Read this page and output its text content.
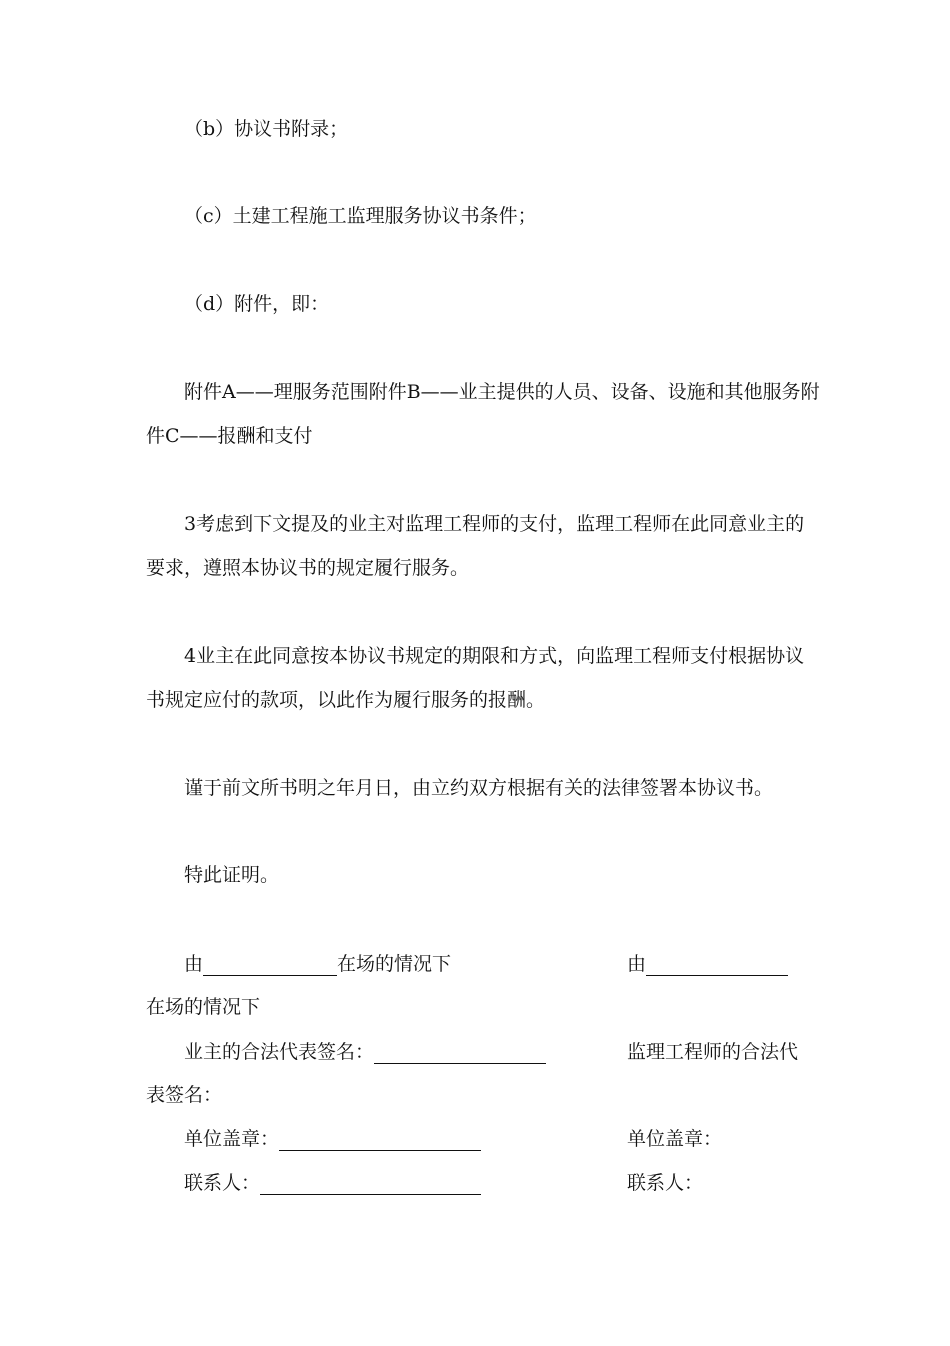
（b）协议书附录；
（c）土建工程施工监理服务协议书条件；
（d）附件，即：
附件A——理服务范围附件B——业主提供的人员、设备、设施和其他服务附
件C——报酬和支付
3考虑到下文提及的业主对监理工程师的支付，监理工程师在此同意业主的
要求，遵照本协议书的规定履行服务。
4业主在此同意按本协议书规定的期限和方式，向监理工程师支付根据协议
书规定应付的款项，以此作为履行服务的报酬。
谨于前文所书明之年月日，由立约双方根据有关的法律签署本协议书。
特此证明。
由	在场的情况下	由
在场的情况下
业主的合法代表签名：	监理工程师的合法代
表签名：
单位盖章：	单位盖章：
联系人：	联系人：
